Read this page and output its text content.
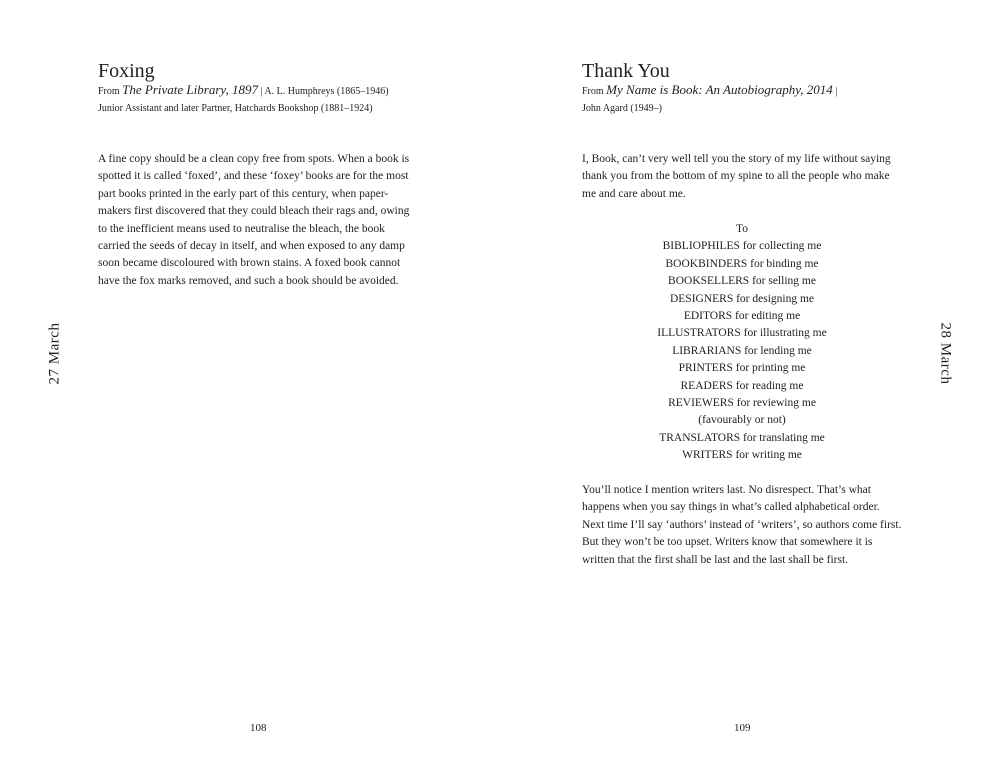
Foxing
From The Private Library, 1897 | A. L. Humphreys (1865–1946)
Junior Assistant and later Partner, Hatchards Bookshop (1881–1924)

A fine copy should be a clean copy free from spots. When a book is

spotted it is called ‘foxed’, and these ‘foxey’ books are for the most

part books printed in the early part of this century, when paper-

makers first discovered that they could bleach their rags and, owing

to the inefficient means used to neutralise the bleach, the book

carried the seeds of decay in itself, and when exposed to any damp

soon became discoloured with brown stains. A foxed book cannot

have the fox marks removed, and such a book should be avoided.

27 March
108
Thank You
From My Name is Book: An Autobiography, 2014 |
John Agard (1949–)

I, Book, can’t very well tell you the story of my life without saying

thank you from the bottom of my spine to all the people who make

me and care about me.

To
BIBLIOPHILES for collecting me
BOOKBINDERS for binding me
BOOKSELLERS for selling me
DESIGNERS for designing me
EDITORS for editing me
ILLUSTRATORS for illustrating me
LIBRARIANS for lending me
PRINTERS for printing me
READERS for reading me
REVIEWERS for reviewing me
(favourably or not)
TRANSLATORS for translating me
WRITERS for writing me

You’ll notice I mention writers last. No disrespect. That’s what

happens when you say things in what’s called alphabetical order.

Next time I’ll say ‘authors’ instead of ‘writers’, so authors come first.

But they won’t be too upset. Writers know that somewhere it is

written that the first shall be last and the last shall be first.

28 March
109
